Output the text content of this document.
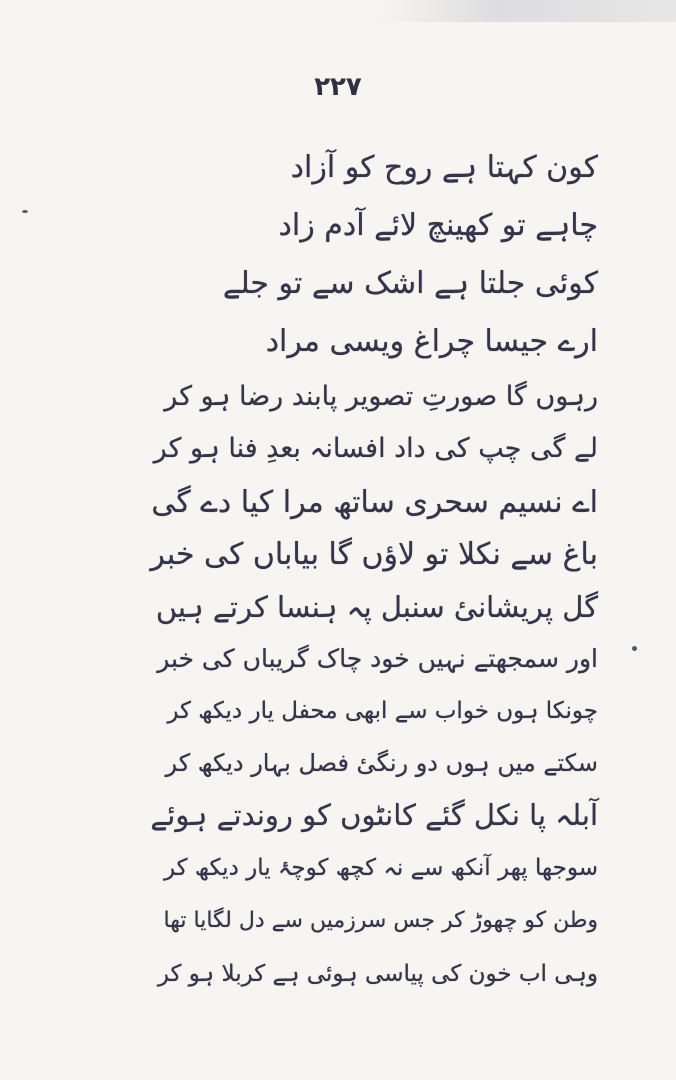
۲۲۷
کون کہتا ہے روح کو آزاد
چاہے تو کھینچ لائے آدم زاد
کوئی جلتا ہے اشک سے تو جلے
ارے جیسا چراغ ویسی مراد
رہوں گا صورتِ تصویر پابند رضا ہو کر
لے گی چپ کی داد افسانہ بعدِ فنا ہو کر
اے نسیم سحری ساتھ مرا کیا دے گی
باغ سے نکلا تو لاؤں گا بیاباں کی خبر
گل پریشانیٔ سنبل پہ ہنسا کرتے ہیں
اور سمجھتے نہیں خود چاک گریباں کی خبر
چونکا ہوں خواب سے ابھی محفل یار دیکھ کر
سکتے میں ہوں دو رنگیٔ فصل بہار دیکھ کر
آبلہ پا نکل گئے کانٹوں کو روندتے ہوئے
سوجھا پھر آنکھ سے نہ کچھ کوچۂ یار دیکھ کر
وطن کو چھوڑ کر جس سرزمیں سے دل لگایا تھا
وہی اب خون کی پیاسی ہوئی ہے کربلا ہو کر
